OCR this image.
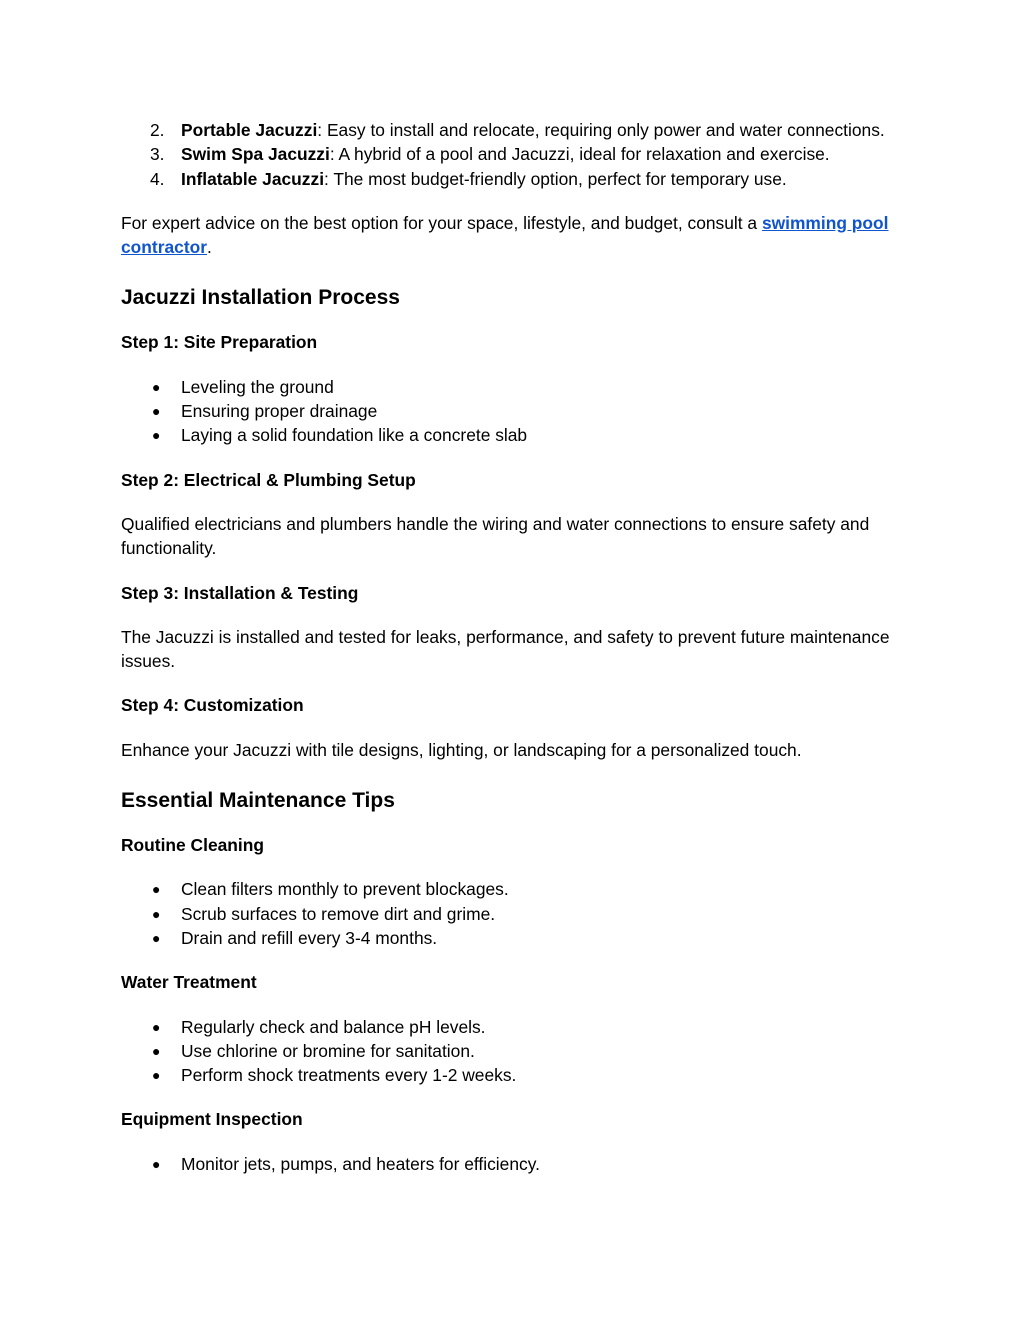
2. Portable Jacuzzi: Easy to install and relocate, requiring only power and water connections.
3. Swim Spa Jacuzzi: A hybrid of a pool and Jacuzzi, ideal for relaxation and exercise.
4. Inflatable Jacuzzi: The most budget-friendly option, perfect for temporary use.

For expert advice on the best option for your space, lifestyle, and budget, consult a swimming pool contractor.

Jacuzzi Installation Process
Step 1: Site Preparation
● Leveling the ground
● Ensuring proper drainage
● Laying a solid foundation like a concrete slab
Step 2: Electrical & Plumbing Setup

Qualified electricians and plumbers handle the wiring and water connections to ensure safety and functionality.

Step 3: Installation & Testing

The Jacuzzi is installed and tested for leaks, performance, and safety to prevent future maintenance issues.

Step 4: Customization

Enhance your Jacuzzi with tile designs, lighting, or landscaping for a personalized touch.

Essential Maintenance Tips
Routine Cleaning
● Clean filters monthly to prevent blockages.
● Scrub surfaces to remove dirt and grime.
● Drain and refill every 3-4 months.
Water Treatment
● Regularly check and balance pH levels.
● Use chlorine or bromine for sanitation.
● Perform shock treatments every 1-2 weeks.
Equipment Inspection
● Monitor jets, pumps, and heaters for efficiency.
